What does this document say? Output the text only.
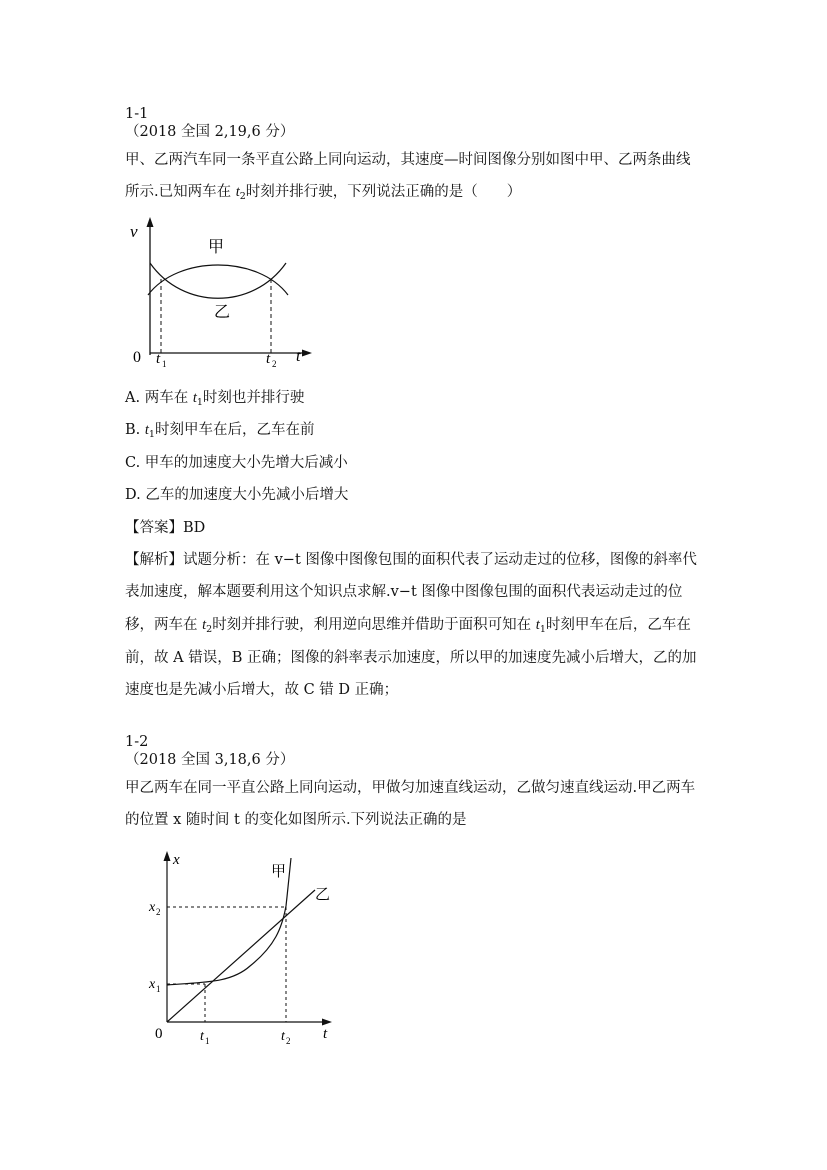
1-1
（2018 全国 2,19,6 分）
甲、乙两汽车同一条平直公路上同向运动，其速度—时间图像分别如图中甲、乙两条曲线
所示.已知两车在 $t_2$时刻并排行驶，下列说法正确的是（　　）
v
t
0 t 1	t 2
甲
乙
A. 两车在 $t_1$时刻也并排行驶
B. $t_1$时刻甲车在后，乙车在前
C. 甲车的加速度大小先增大后减小
D. 乙车的加速度大小先减小后增大
【答案】BD
【解析】试题分析：在 v−t 图像中图像包围的面积代表了运动走过的位移，图像的斜率代
表加速度，解本题要利用这个知识点求解.v−t 图像中图像包围的面积代表运动走过的位
移，两车在 $t_2$时刻并排行驶，利用逆向思维并借助于面积可知在 $t_1$时刻甲车在后，乙车在
前，故 A 错误，B 正确；图像的斜率表示加速度，所以甲的加速度先减小后增大，乙的加
速度也是先减小后增大，故 C 错 D 正确；
1-2
（2018 全国 3,18,6 分）
甲乙两车在同一平直公路上同向运动，甲做匀加速直线运动，乙做匀速直线运动.甲乙两车
的位置 x 随时间 t 的变化如图所示.下列说法正确的是
x
t
0
x 2
x 1
t 1	t 2
甲
乙
